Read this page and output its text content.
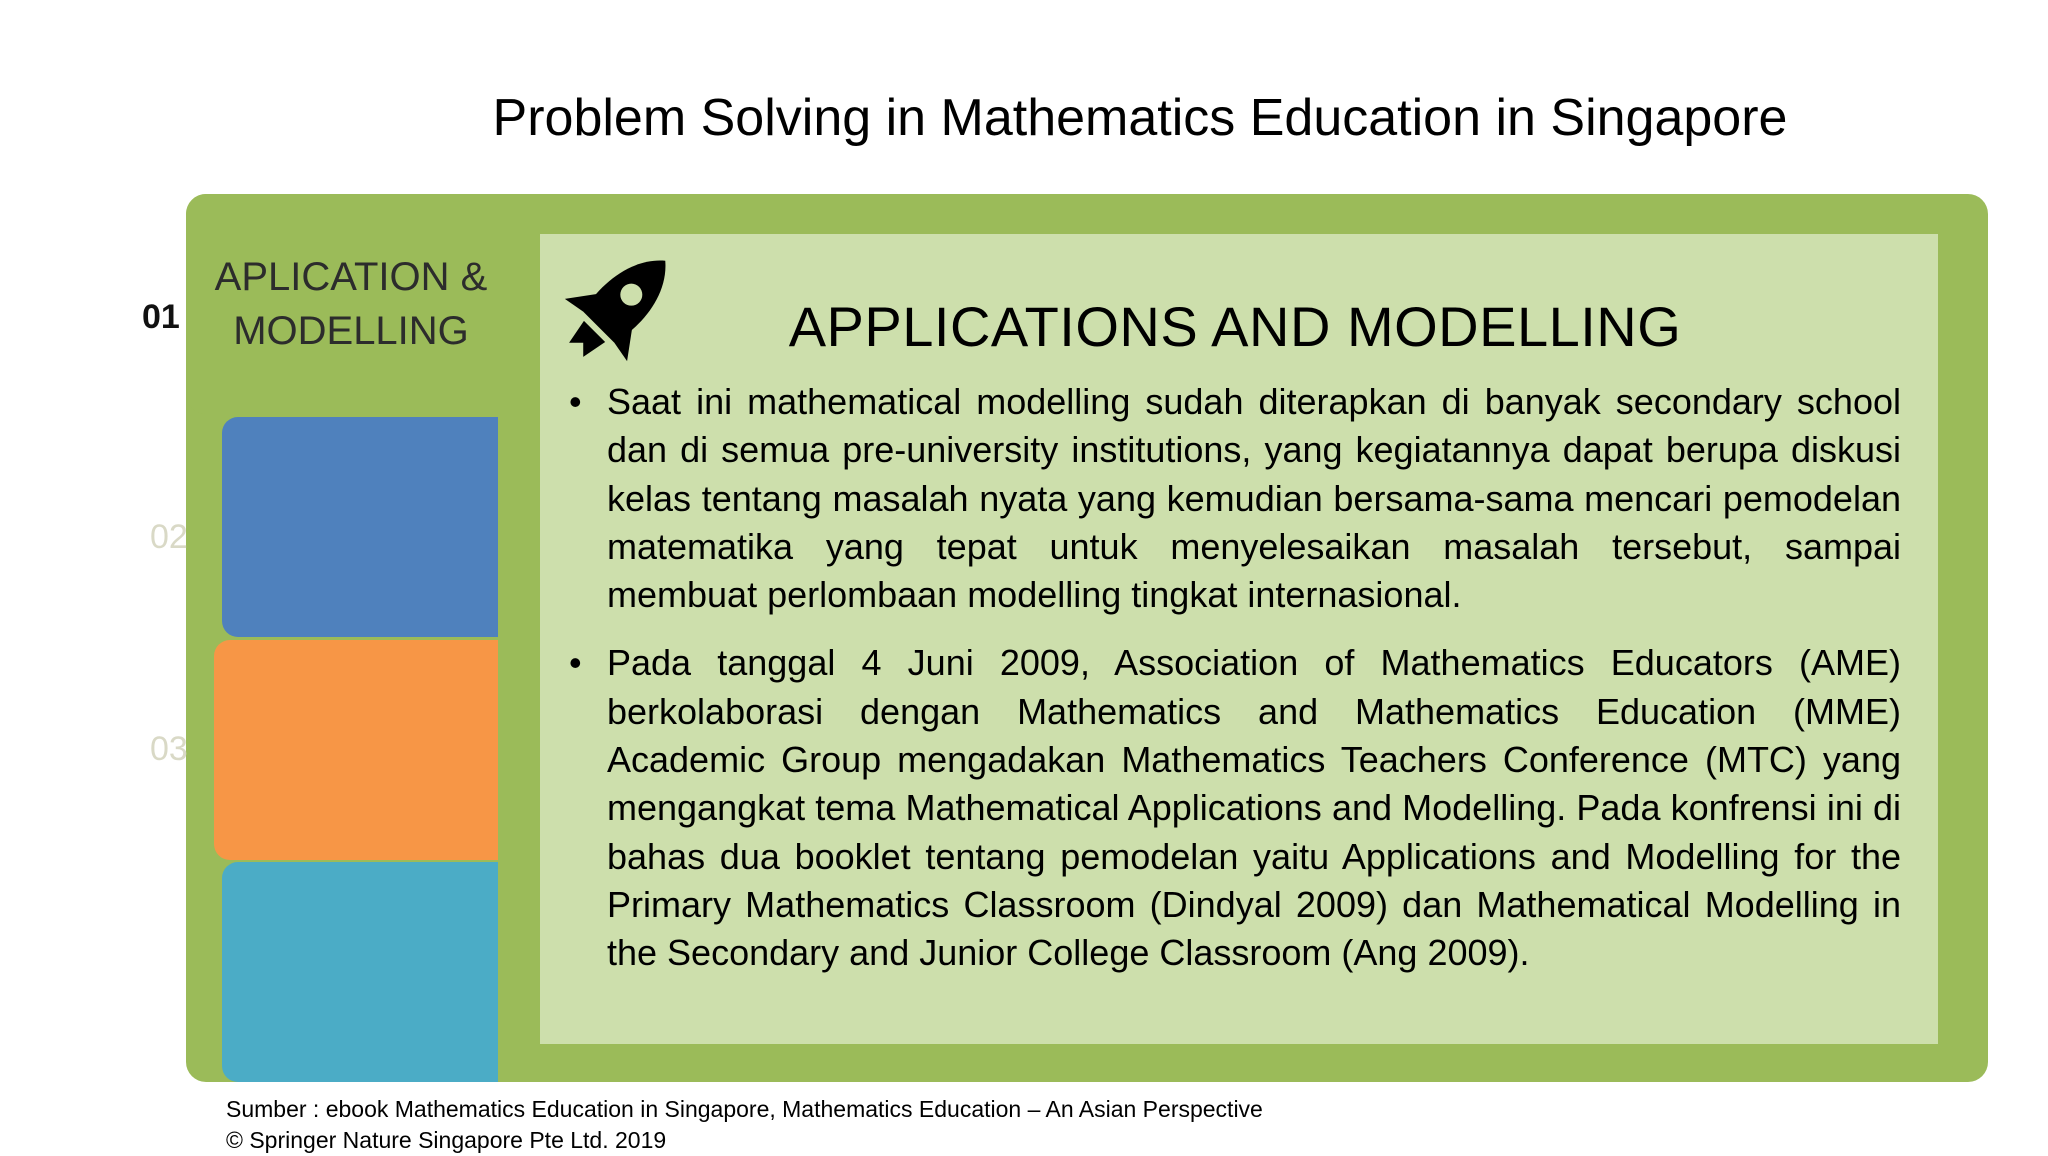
Problem Solving in Mathematics Education in Singapore
APLICATION & MODELLING
01
02
03
APPLICATIONS AND MODELLING
• Saat ini mathematical modelling sudah diterapkan di banyak secondary school dan di semua pre-university institutions, yang kegiatannya dapat berupa diskusi kelas tentang masalah nyata yang kemudian bersama-sama mencari pemodelan matematika yang tepat untuk menyelesaikan masalah tersebut, sampai membuat perlombaan modelling tingkat internasional.
• Pada tanggal 4 Juni 2009, Association of Mathematics Educators (AME) berkolaborasi dengan Mathematics and Mathematics Education (MME) Academic Group mengadakan Mathematics Teachers Conference (MTC) yang mengangkat tema Mathematical Applications and Modelling. Pada konfrensi ini di bahas dua booklet tentang pemodelan yaitu Applications and Modelling for the Primary Mathematics Classroom (Dindyal 2009) dan Mathematical Modelling in the Secondary and Junior College Classroom (Ang 2009).
Sumber : ebook Mathematics Education in Singapore, Mathematics Education – An Asian Perspective
© Springer Nature Singapore Pte Ltd. 2019
